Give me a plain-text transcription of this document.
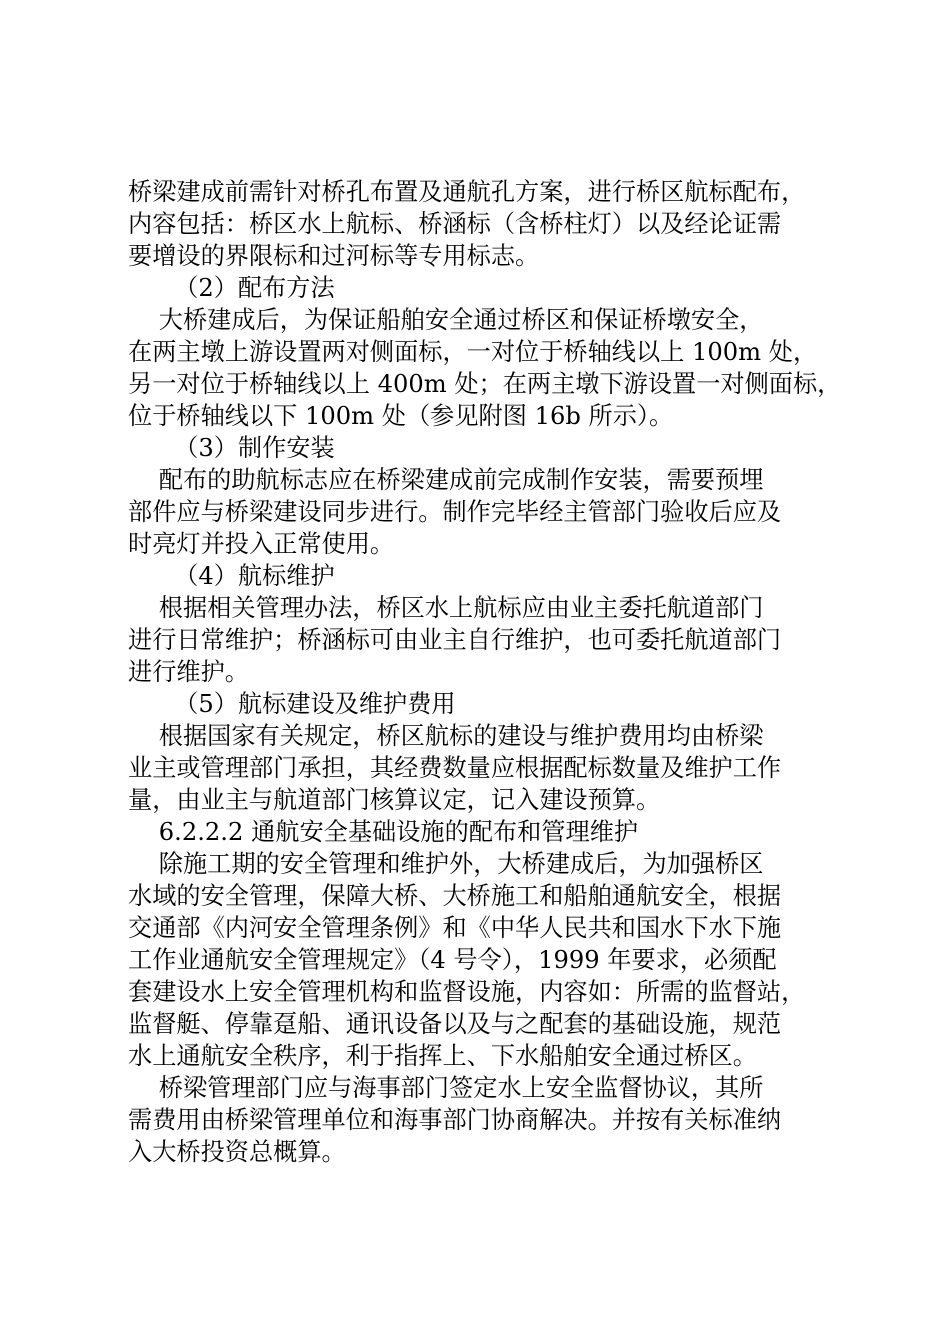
桥梁建成前需针对桥孔布置及通航孔方案，进行桥区航标配布，
内容包括：桥区水上航标、桥涵标（含桥柱灯）以及经论证需
要增设的界限标和过河标等专用标志。
（2）配布方法
大桥建成后，为保证船舶安全通过桥区和保证桥墩安全，
在两主墩上游设置两对侧面标，一对位于桥轴线以上 100m 处，
另一对位于桥轴线以上 400m 处；在两主墩下游设置一对侧面标，
位于桥轴线以下 100m 处（参见附图 16b 所示）。
（3）制作安装
配布的助航标志应在桥梁建成前完成制作安装，需要预埋
部件应与桥梁建设同步进行。制作完毕经主管部门验收后应及
时亮灯并投入正常使用。
（4）航标维护
根据相关管理办法，桥区水上航标应由业主委托航道部门
进行日常维护；桥涵标可由业主自行维护，也可委托航道部门
进行维护。
（5）航标建设及维护费用
根据国家有关规定，桥区航标的建设与维护费用均由桥梁
业主或管理部门承担，其经费数量应根据配标数量及维护工作
量，由业主与航道部门核算议定，记入建设预算。
6.2.2.2 通航安全基础设施的配布和管理维护
除施工期的安全管理和维护外，大桥建成后，为加强桥区
水域的安全管理，保障大桥、大桥施工和船舶通航安全，根据
交通部《内河安全管理条例》和《中华人民共和国水下水下施
工作业通航安全管理规定》（4 号令），1999 年要求，必须配
套建设水上安全管理机构和监督设施，内容如：所需的监督站，
监督艇、停靠趸船、通讯设备以及与之配套的基础设施，规范
水上通航安全秩序，利于指挥上、下水船舶安全通过桥区。
桥梁管理部门应与海事部门签定水上安全监督协议，其所
需费用由桥梁管理单位和海事部门协商解决。并按有关标准纳
入大桥投资总概算。
